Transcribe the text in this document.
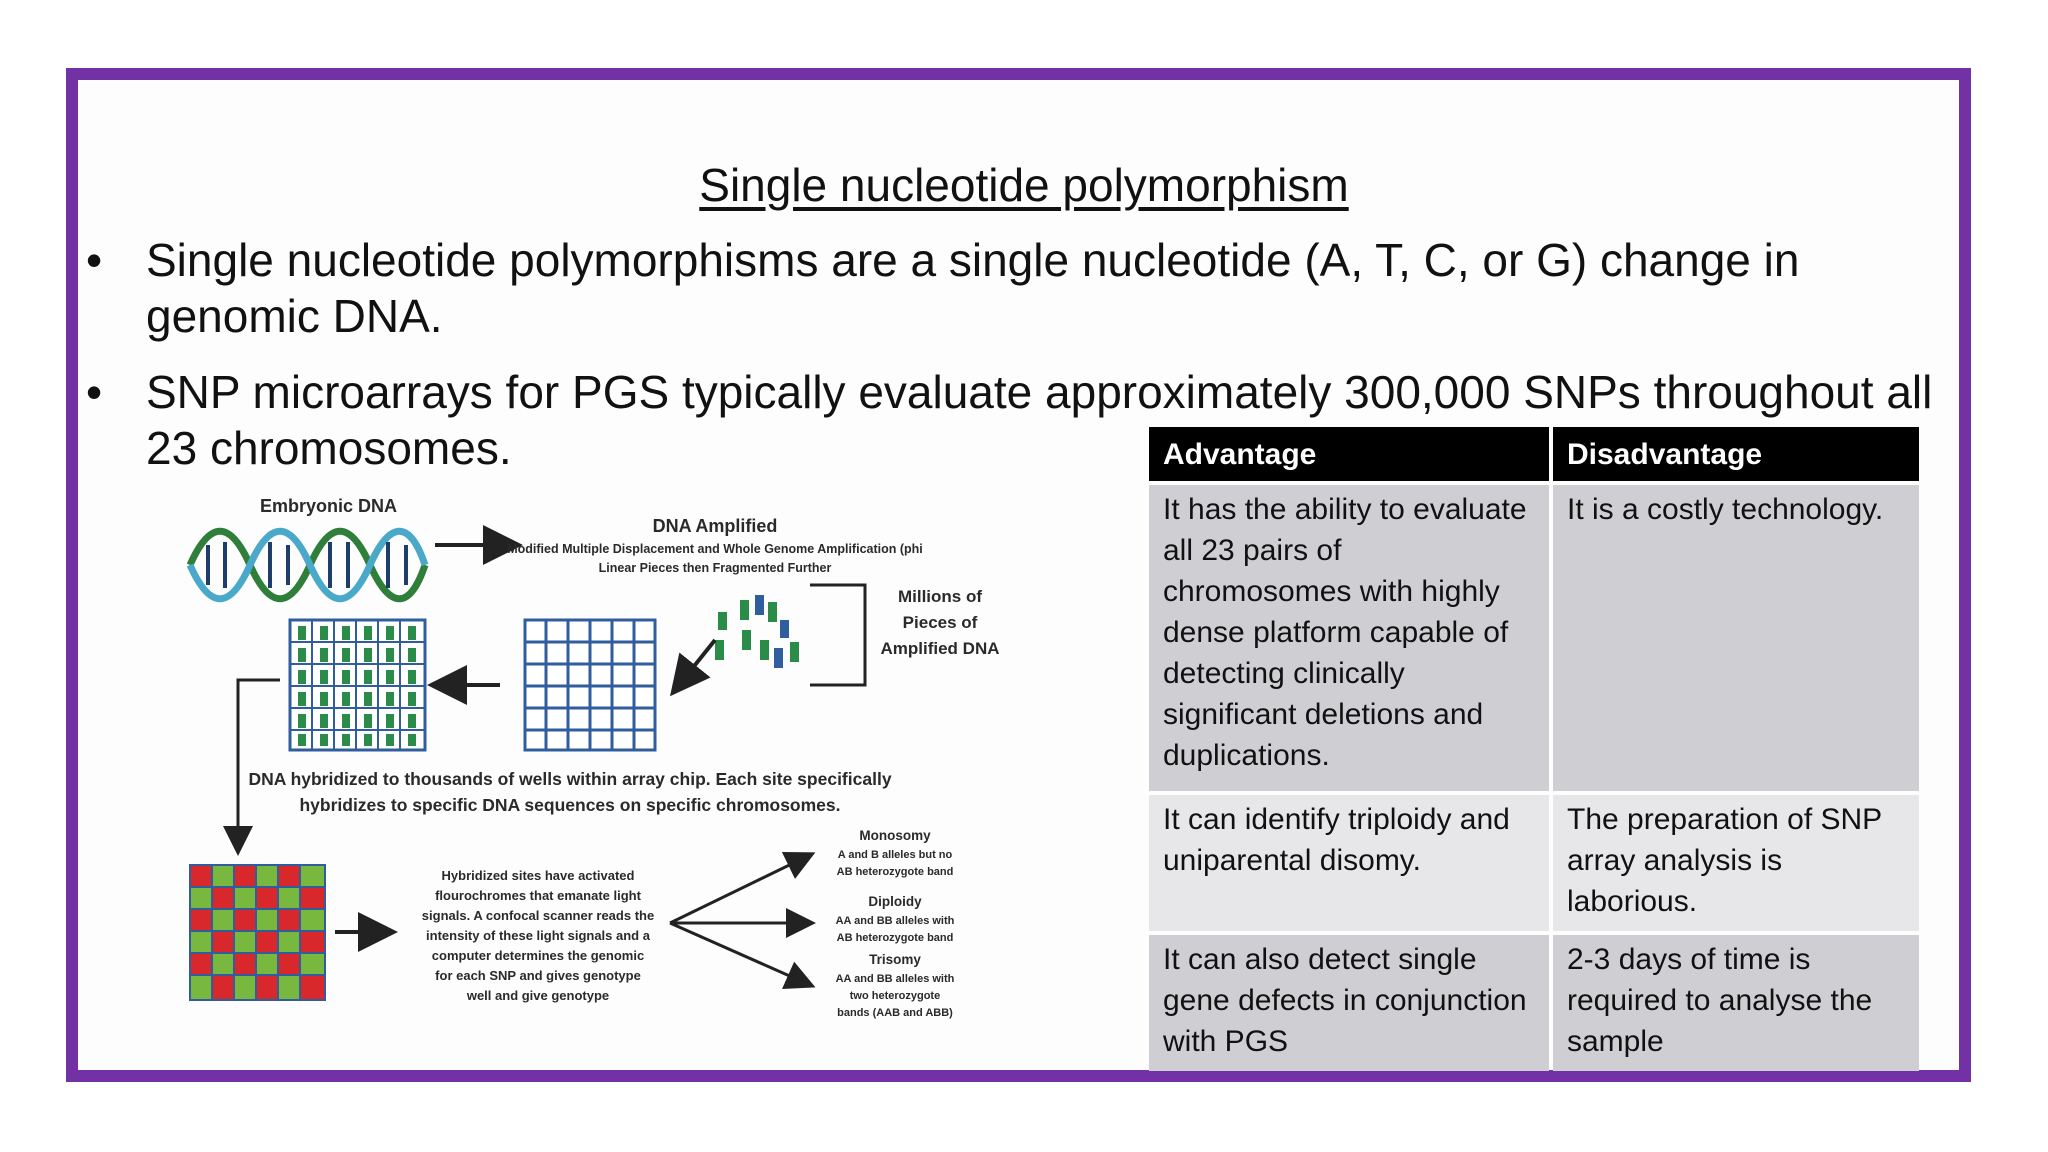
Single nucleotide polymorphism
• Single nucleotide polymorphisms are a single nucleotide (A, T, C, or G) change in genomic DNA.
• SNP microarrays for PGS typically evaluate approximately 300,000 SNPs throughout all 23 chromosomes.
Embryonic DNA
DNA Amplified
Modified Multiple Displacement and Whole Genome Amplification (phi
Linear Pieces then Fragmented Further
Millions of
Pieces of
Amplified DNA
DNA hybridized to thousands of wells within array chip. Each site specifically
hybridizes to specific DNA sequences on specific chromosomes.
Hybridized sites have activated
flourochromes that emanate light
signals. A confocal scanner reads the
intensity of these light signals and a
computer determines the genomic
for each SNP and gives genotype
well and give genotype
Monosomy
A and B alleles but no
AB heterozygote band
Diploidy
AA and BB alleles with
AB heterozygote band
Trisomy
AA and BB alleles with
two heterozygote
bands (AAB and ABB)
Advantage	Disadvantage
It has the ability to evaluate all 23 pairs of chromosomes with highly dense platform capable of detecting clinically significant deletions and duplications.	It is a costly technology.
It can identify triploidy and uniparental disomy.	The preparation of SNP array analysis is laborious.
It can also detect single gene defects in conjunction with PGS	2-3 days of time is required to analyse the sample
